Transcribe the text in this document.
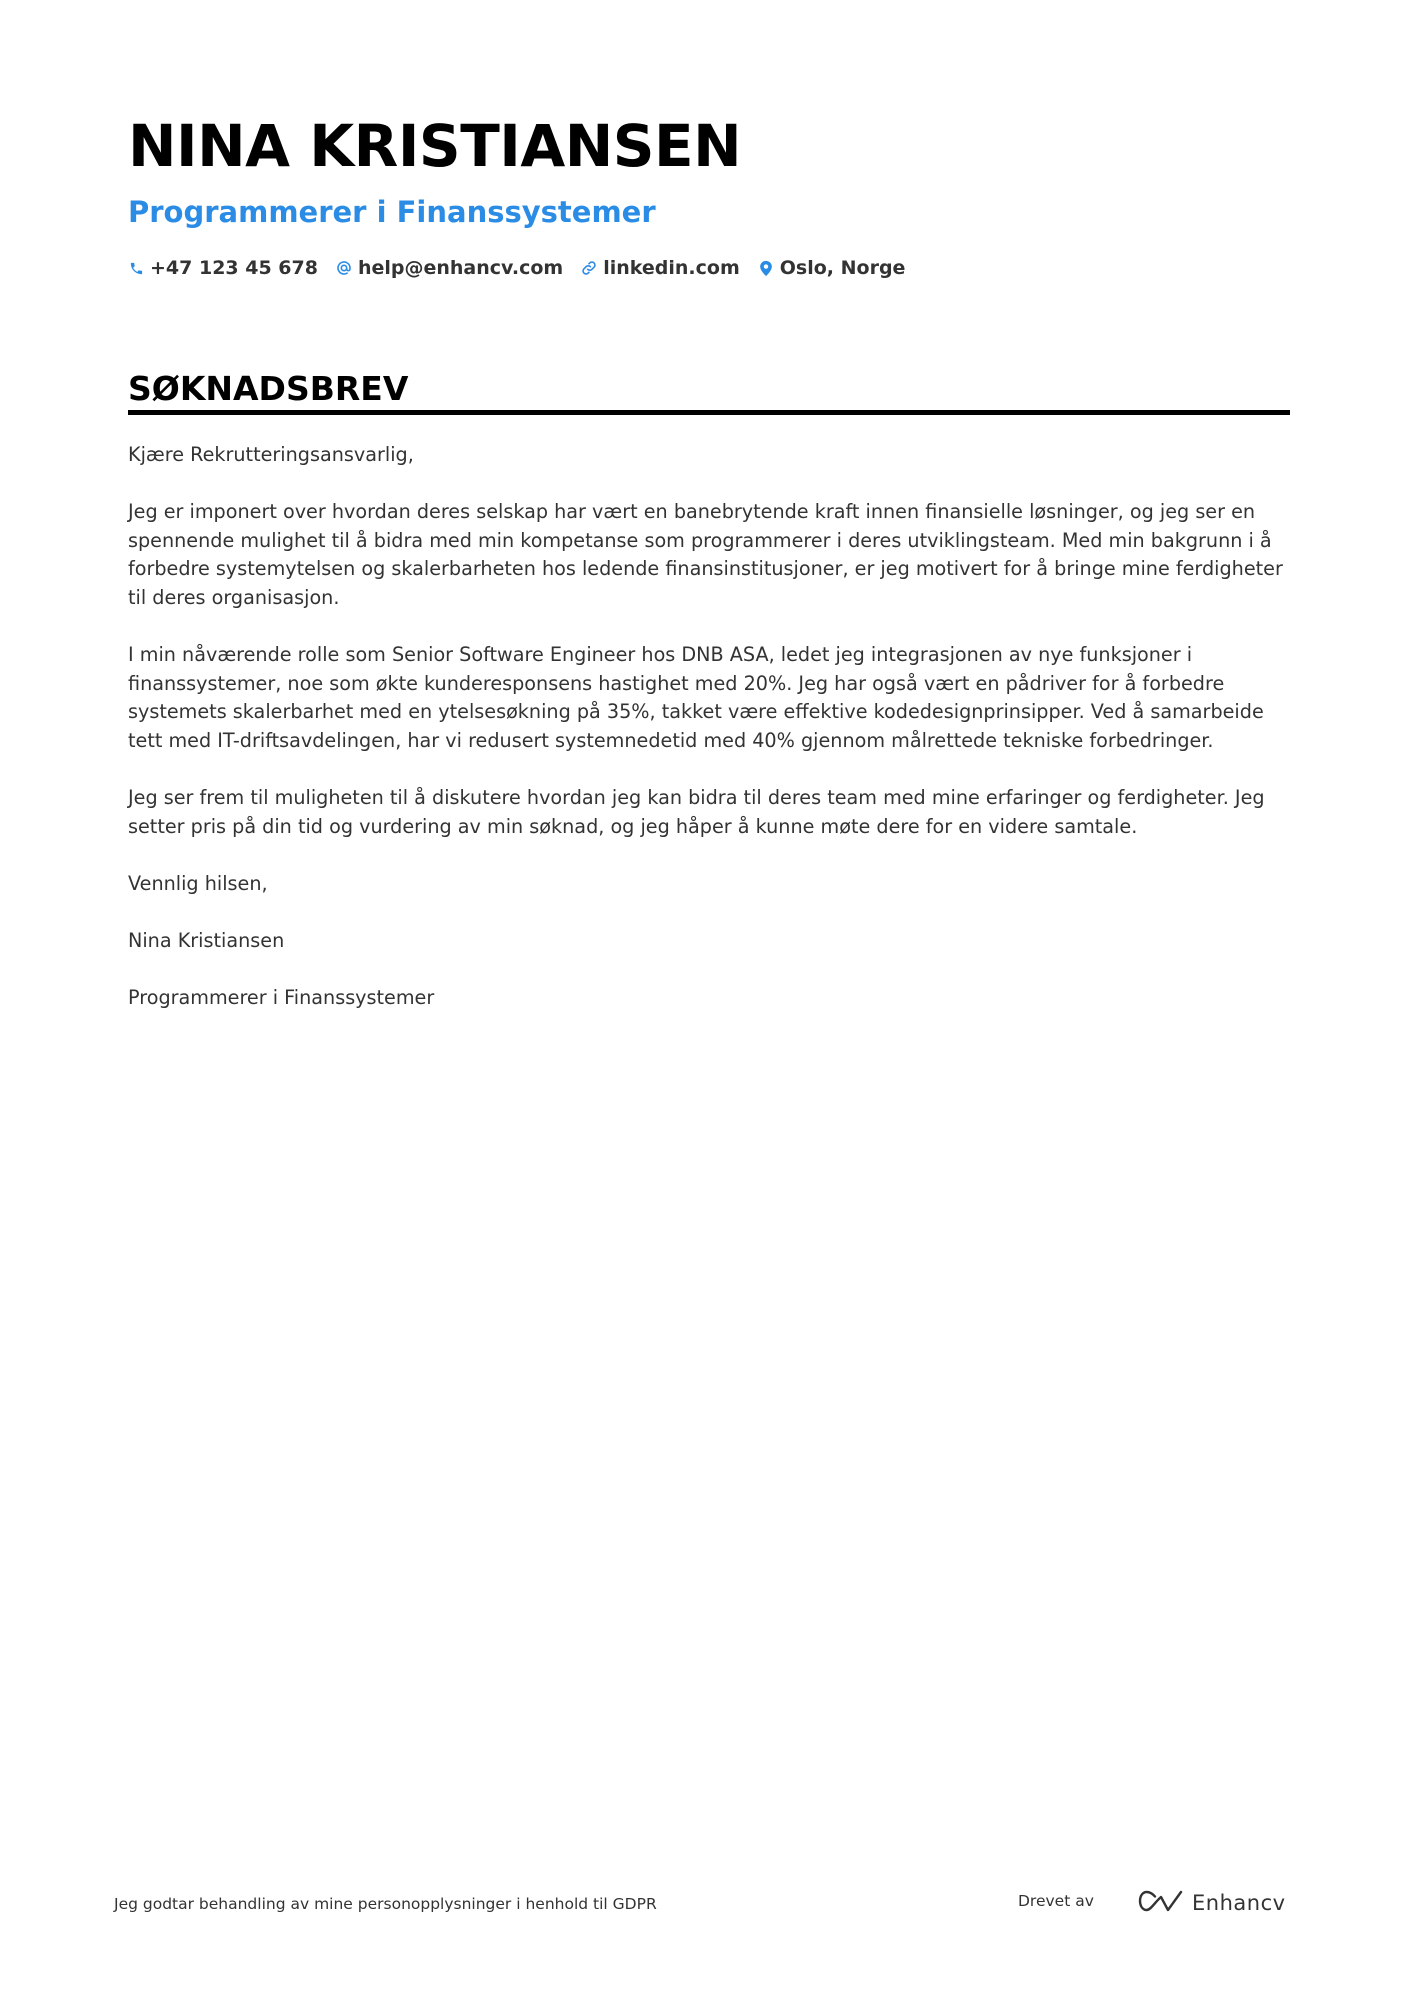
NINA KRISTIANSEN
Programmerer i Finanssystemer
+47 123 45 678 help@enhancv.com linkedin.com Oslo, Norge
SØKNADSBREV

Kjære Rekrutteringsansvarlig,

Jeg er imponert over hvordan deres selskap har vært en banebrytende kraft innen finansielle løsninger, og jeg ser en spennende mulighet til å bidra med min kompetanse som programmerer i deres utviklingsteam. Med min bakgrunn i å forbedre systemytelsen og skalerbarheten hos ledende finansinstitusjoner, er jeg motivert for å bringe mine ferdigheter til deres organisasjon.

I min nåværende rolle som Senior Software Engineer hos DNB ASA, ledet jeg integrasjonen av nye funksjoner i finanssystemer, noe som økte kunderesponsens hastighet med 20%. Jeg har også vært en pådriver for å forbedre systemets skalerbarhet med en ytelsesøkning på 35%, takket være effektive kodedesignprinsipper. Ved å samarbeide tett med IT-driftsavdelingen, har vi redusert systemnedetid med 40% gjennom målrettede tekniske forbedringer.

Jeg ser frem til muligheten til å diskutere hvordan jeg kan bidra til deres team med mine erfaringer og ferdigheter. Jeg setter pris på din tid og vurdering av min søknad, og jeg håper å kunne møte dere for en videre samtale.

Vennlig hilsen,

Nina Kristiansen

Programmerer i Finanssystemer

Jeg godtar behandling av mine personopplysninger i henhold til GDPR	Drevet av	Enhancv
